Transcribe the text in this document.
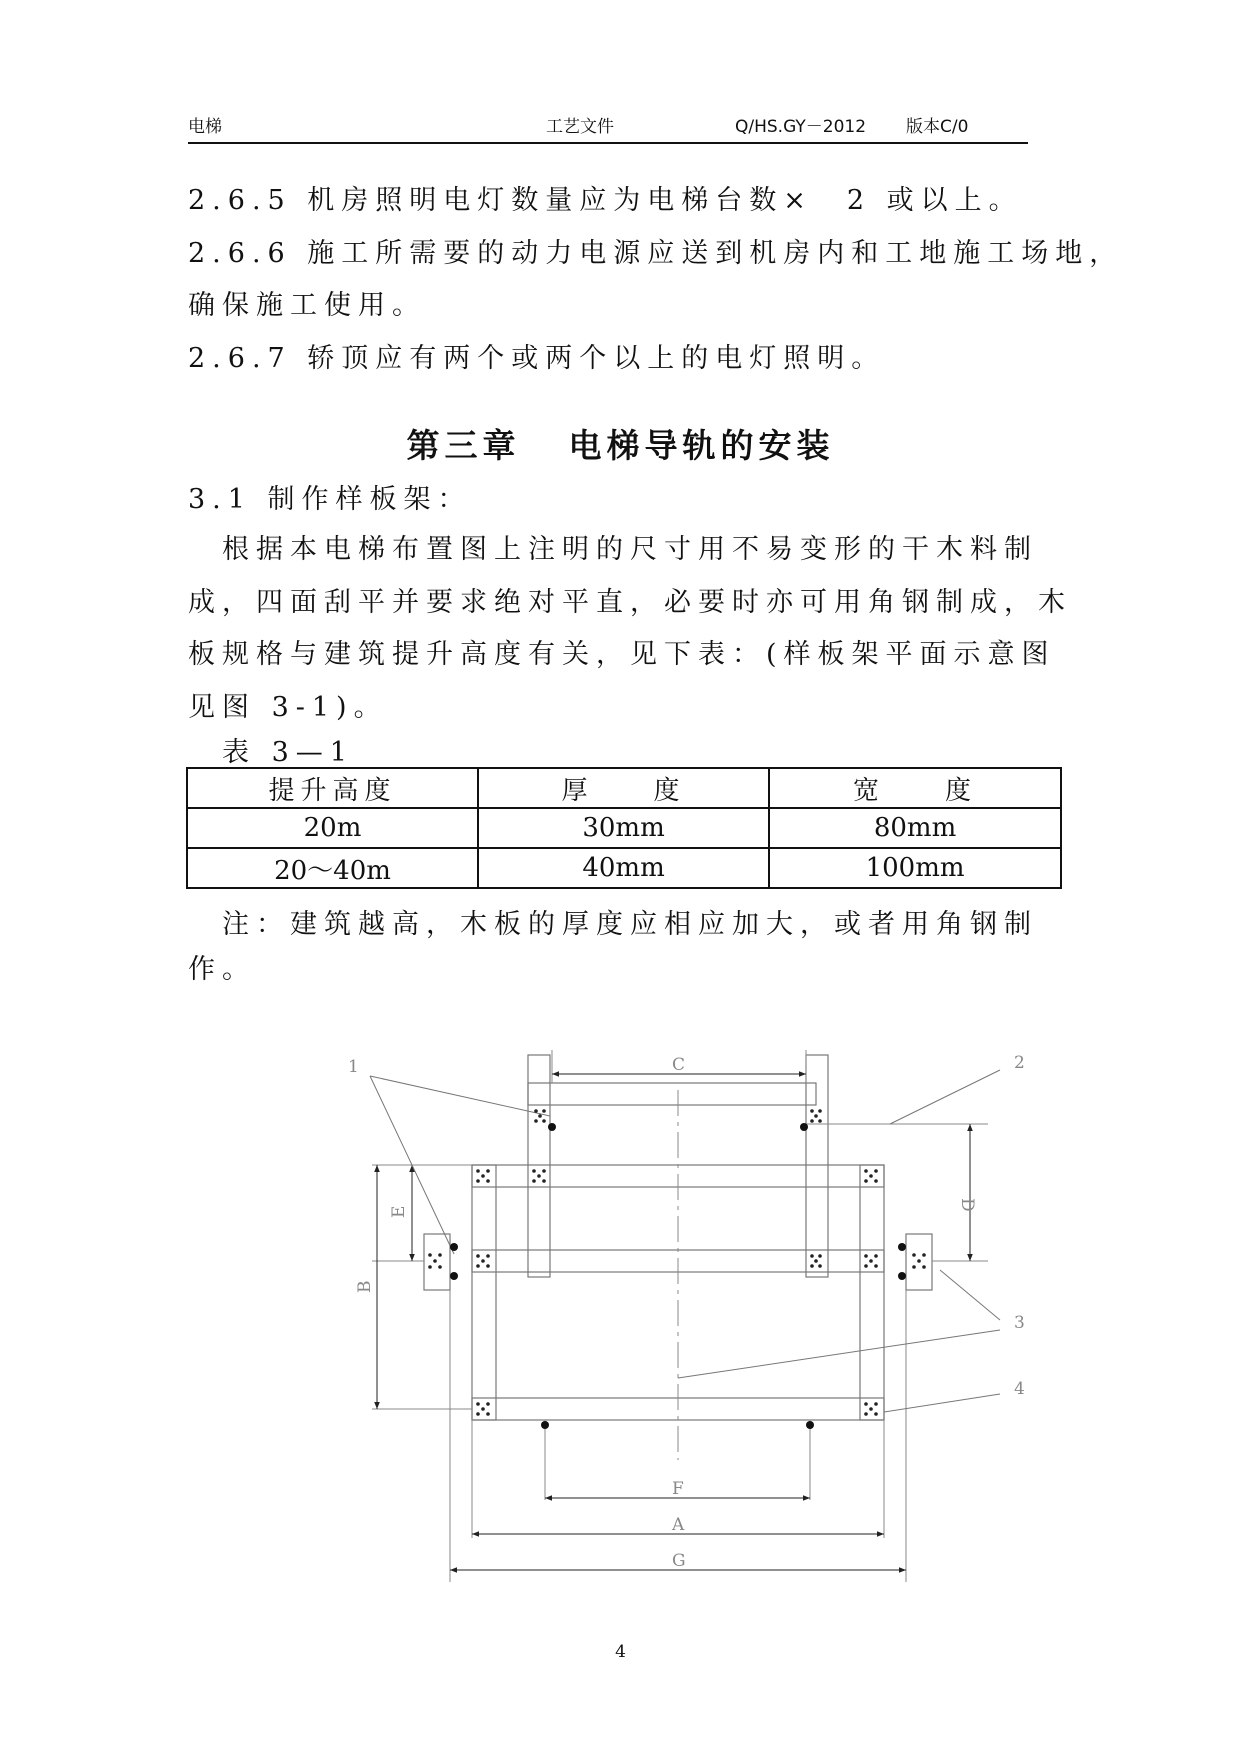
电梯	工艺文件	Q/HS.GY－2012 版本C/0
2.6.5 机房照明电灯数量应为电梯台数×　2 或以上。
2.6.6 施工所需要的动力电源应送到机房内和工地施工场地，
确保施工使用。
2.6.7 轿顶应有两个或两个以上的电灯照明。
第三章 电梯导轨的安装
3.1 制作样板架：
　根据本电梯布置图上注明的尺寸用不易变形的干木料制
成，四面刮平并要求绝对平直，必要时亦可用角钢制成，木
板规格与建筑提升高度有关，见下表：(样板架平面示意图
见图 3-1)。
表 3—1
提升高度	厚 度	宽 度
20m	30mm	80mm
20～40m	40mm	100mm
注：建筑越高，木板的厚度应相应加大，或者用角钢制
作。
1	2
3
4
C
F
A
G
D
E
B
4
